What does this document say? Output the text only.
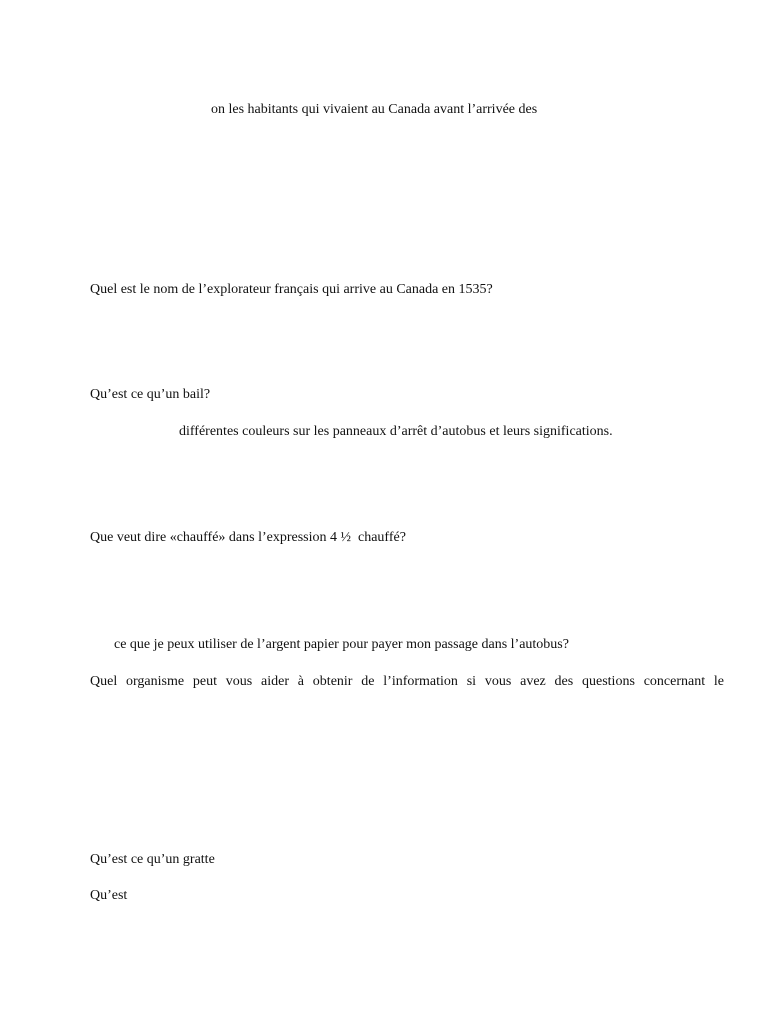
on les habitants qui vivaient au Canada avant l’arrivée des

Quel est le nom de l’explorateur français qui arrive au Canada en 1535?

Qu’est ce qu’un bail?

différentes couleurs sur les panneaux d’arrêt d’autobus et leurs significations.

Que veut dire «chauffé» dans l’expression 4 ½  chauffé?

ce que je peux utiliser de l’argent papier pour payer mon passage dans l’autobus?

Quel organisme peut vous aider à obtenir de l’information si vous avez des questions concernant le

Qu’est ce qu’un gratte

Qu’est
